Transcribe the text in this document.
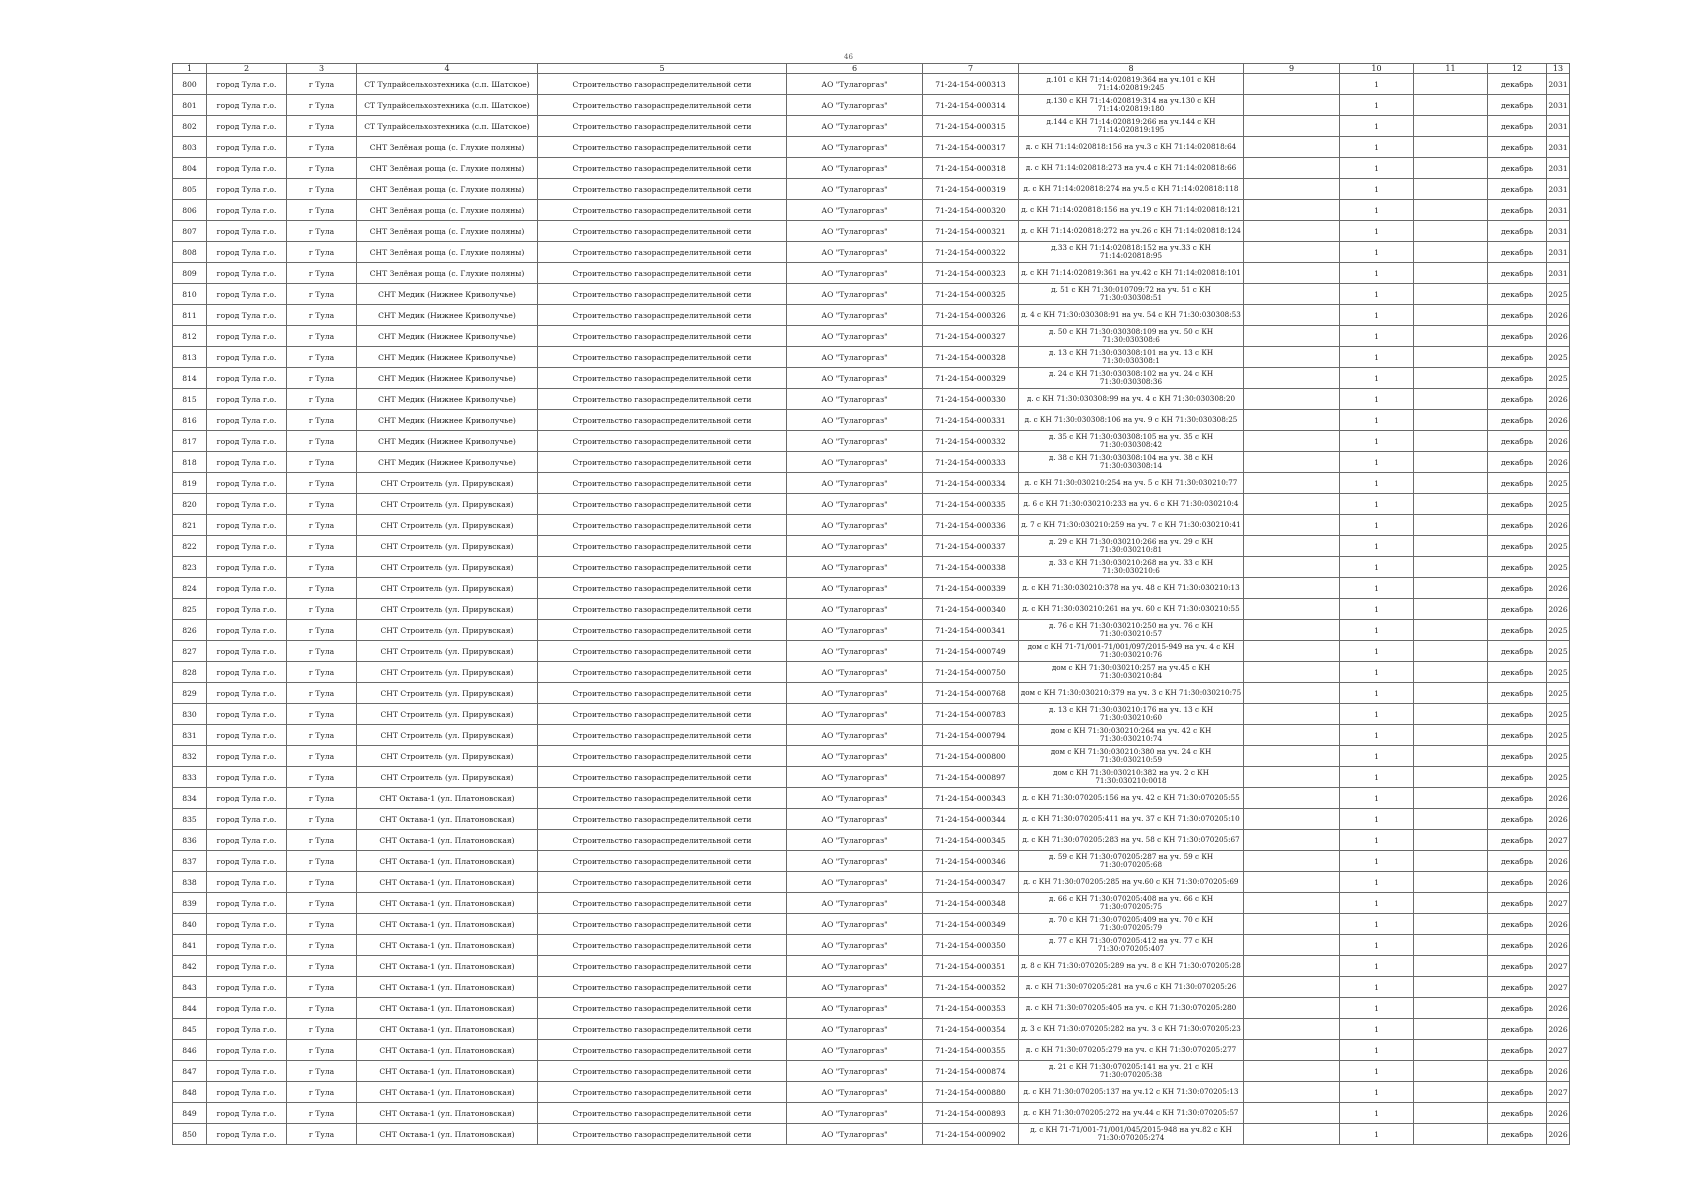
46
1	2	3	4	5	6	7	8	9	10	11	12	13
800	город Тула г.о.	г Тула	СТ Тулрайсельхозтехника (с.п. Шатское)	Строительство газораспределительной сети	АО "Тулагоргаз"	71-24-154-000313	д.101 с КН 71:14:020819:364 на уч.101 с КН 71:14:020819:245		1		декабрь	2031
801	город Тула г.о.	г Тула	СТ Тулрайсельхозтехника (с.п. Шатское)	Строительство газораспределительной сети	АО "Тулагоргаз"	71-24-154-000314	д.130 с КН 71:14:020819:314 на уч.130 с КН 71:14:020819:180		1		декабрь	2031
802	город Тула г.о.	г Тула	СТ Тулрайсельхозтехника (с.п. Шатское)	Строительство газораспределительной сети	АО "Тулагоргаз"	71-24-154-000315	д.144 с КН 71:14:020819:266 на уч.144 с КН 71:14:020819:195		1		декабрь	2031
803	город Тула г.о.	г Тула	СНТ Зелёная роща (с. Глухие поляны)	Строительство газораспределительной сети	АО "Тулагоргаз"	71-24-154-000317	д. с КН 71:14:020818:156 на уч.3 с КН 71:14:020818:64		1		декабрь	2031
804	город Тула г.о.	г Тула	СНТ Зелёная роща (с. Глухие поляны)	Строительство газораспределительной сети	АО "Тулагоргаз"	71-24-154-000318	д. с КН 71:14:020818:273 на уч.4 с КН 71:14:020818:66		1		декабрь	2031
805	город Тула г.о.	г Тула	СНТ Зелёная роща (с. Глухие поляны)	Строительство газораспределительной сети	АО "Тулагоргаз"	71-24-154-000319	д. с КН 71:14:020818:274 на уч.5 с КН 71:14:020818:118		1		декабрь	2031
806	город Тула г.о.	г Тула	СНТ Зелёная роща (с. Глухие поляны)	Строительство газораспределительной сети	АО "Тулагоргаз"	71-24-154-000320	д. с КН 71:14:020818:156 на уч.19 с КН 71:14:020818:121		1		декабрь	2031
807	город Тула г.о.	г Тула	СНТ Зелёная роща (с. Глухие поляны)	Строительство газораспределительной сети	АО "Тулагоргаз"	71-24-154-000321	д. с КН 71:14:020818:272 на уч.26 с КН 71:14:020818:124		1		декабрь	2031
808	город Тула г.о.	г Тула	СНТ Зелёная роща (с. Глухие поляны)	Строительство газораспределительной сети	АО "Тулагоргаз"	71-24-154-000322	д.33 с КН 71:14:020818:152 на уч.33 с КН 71:14:020818:95		1		декабрь	2031
809	город Тула г.о.	г Тула	СНТ Зелёная роща (с. Глухие поляны)	Строительство газораспределительной сети	АО "Тулагоргаз"	71-24-154-000323	д. с КН 71:14:020819:361 на уч.42 с КН 71:14:020818:101		1		декабрь	2031
810	город Тула г.о.	г Тула	СНТ Медик (Нижнее Криволучье)	Строительство газораспределительной сети	АО "Тулагоргаз"	71-24-154-000325	д. 51 с КН 71:30:010709:72 на уч. 51 с КН 71:30:030308:51		1		декабрь	2025
811	город Тула г.о.	г Тула	СНТ Медик (Нижнее Криволучье)	Строительство газораспределительной сети	АО "Тулагоргаз"	71-24-154-000326	д. 4 с КН 71:30:030308:91 на уч. 54 с КН 71:30:030308:53		1		декабрь	2026
812	город Тула г.о.	г Тула	СНТ Медик (Нижнее Криволучье)	Строительство газораспределительной сети	АО "Тулагоргаз"	71-24-154-000327	д. 50 с КН 71:30:030308:109 на уч. 50 с КН 71:30:030308:6		1		декабрь	2026
813	город Тула г.о.	г Тула	СНТ Медик (Нижнее Криволучье)	Строительство газораспределительной сети	АО "Тулагоргаз"	71-24-154-000328	д. 13 с КН 71:30:030308:101 на уч. 13 с КН 71:30:030308:1		1		декабрь	2025
814	город Тула г.о.	г Тула	СНТ Медик (Нижнее Криволучье)	Строительство газораспределительной сети	АО "Тулагоргаз"	71-24-154-000329	д. 24 с КН 71:30:030308:102 на уч. 24 с КН 71:30:030308:36		1		декабрь	2025
815	город Тула г.о.	г Тула	СНТ Медик (Нижнее Криволучье)	Строительство газораспределительной сети	АО "Тулагоргаз"	71-24-154-000330	д. с КН 71:30:030308:99 на уч. 4 с КН 71:30:030308:20		1		декабрь	2026
816	город Тула г.о.	г Тула	СНТ Медик (Нижнее Криволучье)	Строительство газораспределительной сети	АО "Тулагоргаз"	71-24-154-000331	д. с КН 71:30:030308:106 на уч. 9 с КН 71:30:030308:25		1		декабрь	2026
817	город Тула г.о.	г Тула	СНТ Медик (Нижнее Криволучье)	Строительство газораспределительной сети	АО "Тулагоргаз"	71-24-154-000332	д. 35 с КН 71:30:030308:105 на уч. 35 с КН 71:30:030308:42		1		декабрь	2026
818	город Тула г.о.	г Тула	СНТ Медик (Нижнее Криволучье)	Строительство газораспределительной сети	АО "Тулагоргаз"	71-24-154-000333	д. 38 с КН 71:30:030308:104 на уч. 38 с КН 71:30:030308:14		1		декабрь	2026
819	город Тула г.о.	г Тула	СНТ Строитель (ул. Прирувская)	Строительство газораспределительной сети	АО "Тулагоргаз"	71-24-154-000334	д. с КН 71:30:030210:254 на уч. 5 с КН 71:30:030210:77		1		декабрь	2025
820	город Тула г.о.	г Тула	СНТ Строитель (ул. Прирувская)	Строительство газораспределительной сети	АО "Тулагоргаз"	71-24-154-000335	д. 6 с КН 71:30:030210:233 на уч. 6 с КН 71:30:030210:4		1		декабрь	2025
821	город Тула г.о.	г Тула	СНТ Строитель (ул. Прирувская)	Строительство газораспределительной сети	АО "Тулагоргаз"	71-24-154-000336	д. 7 с КН 71:30:030210:259 на уч. 7 с КН 71:30:030210:41		1		декабрь	2026
822	город Тула г.о.	г Тула	СНТ Строитель (ул. Прирувская)	Строительство газораспределительной сети	АО "Тулагоргаз"	71-24-154-000337	д. 29 с КН 71:30:030210:266 на уч. 29 с КН 71:30:030210:81		1		декабрь	2025
823	город Тула г.о.	г Тула	СНТ Строитель (ул. Прирувская)	Строительство газораспределительной сети	АО "Тулагоргаз"	71-24-154-000338	д. 33 с КН 71:30:030210:268 на уч. 33 с КН 71:30:030210:6		1		декабрь	2025
824	город Тула г.о.	г Тула	СНТ Строитель (ул. Прирувская)	Строительство газораспределительной сети	АО "Тулагоргаз"	71-24-154-000339	д. с КН 71:30:030210:378 на уч. 48 с КН 71:30:030210:13		1		декабрь	2026
825	город Тула г.о.	г Тула	СНТ Строитель (ул. Прирувская)	Строительство газораспределительной сети	АО "Тулагоргаз"	71-24-154-000340	д. с КН 71:30:030210:261 на уч. 60 с КН 71:30:030210:55		1		декабрь	2026
826	город Тула г.о.	г Тула	СНТ Строитель (ул. Прирувская)	Строительство газораспределительной сети	АО "Тулагоргаз"	71-24-154-000341	д. 76 с КН 71:30:030210:250 на уч. 76 с КН 71:30:030210:57		1		декабрь	2025
827	город Тула г.о.	г Тула	СНТ Строитель (ул. Прирувская)	Строительство газораспределительной сети	АО "Тулагоргаз"	71-24-154-000749	дом с КН 71-71/001-71/001/097/2015-949 на уч. 4 с КН 71:30:030210:76		1		декабрь	2025
828	город Тула г.о.	г Тула	СНТ Строитель (ул. Прирувская)	Строительство газораспределительной сети	АО "Тулагоргаз"	71-24-154-000750	дом с КН 71:30:030210:257 на уч.45 с КН 71:30:030210:84		1		декабрь	2025
829	город Тула г.о.	г Тула	СНТ Строитель (ул. Прирувская)	Строительство газораспределительной сети	АО "Тулагоргаз"	71-24-154-000768	дом с КН 71:30:030210:379 на уч. 3 с КН 71:30:030210:75		1		декабрь	2025
830	город Тула г.о.	г Тула	СНТ Строитель (ул. Прирувская)	Строительство газораспределительной сети	АО "Тулагоргаз"	71-24-154-000783	д. 13 с КН 71:30:030210:176 на уч. 13 с КН 71:30:030210:60		1		декабрь	2025
831	город Тула г.о.	г Тула	СНТ Строитель (ул. Прирувская)	Строительство газораспределительной сети	АО "Тулагоргаз"	71-24-154-000794	дом с КН 71:30:030210:264 на уч. 42 с КН 71:30:030210:74		1		декабрь	2025
832	город Тула г.о.	г Тула	СНТ Строитель (ул. Прирувская)	Строительство газораспределительной сети	АО "Тулагоргаз"	71-24-154-000800	дом с КН 71:30:030210:380 на уч. 24 с КН 71:30:030210:59		1		декабрь	2025
833	город Тула г.о.	г Тула	СНТ Строитель (ул. Прирувская)	Строительство газораспределительной сети	АО "Тулагоргаз"	71-24-154-000897	дом с КН 71:30:030210:382 на уч. 2 с КН 71:30:030210:0018		1		декабрь	2025
834	город Тула г.о.	г Тула	СНТ Октава-1 (ул. Платоновская)	Строительство газораспределительной сети	АО "Тулагоргаз"	71-24-154-000343	д. с КН 71:30:070205:156 на уч. 42 с КН 71:30:070205:55		1		декабрь	2026
835	город Тула г.о.	г Тула	СНТ Октава-1 (ул. Платоновская)	Строительство газораспределительной сети	АО "Тулагоргаз"	71-24-154-000344	д. с КН 71:30:070205:411 на уч. 37 с КН 71:30:070205:10		1		декабрь	2026
836	город Тула г.о.	г Тула	СНТ Октава-1 (ул. Платоновская)	Строительство газораспределительной сети	АО "Тулагоргаз"	71-24-154-000345	д. с КН 71:30:070205:283 на уч. 58 с КН 71:30:070205:67		1		декабрь	2027
837	город Тула г.о.	г Тула	СНТ Октава-1 (ул. Платоновская)	Строительство газораспределительной сети	АО "Тулагоргаз"	71-24-154-000346	д. 59 с КН 71:30:070205:287 на уч. 59 с КН 71:30:070205:68		1		декабрь	2026
838	город Тула г.о.	г Тула	СНТ Октава-1 (ул. Платоновская)	Строительство газораспределительной сети	АО "Тулагоргаз"	71-24-154-000347	д. с КН 71:30:070205:285 на уч.60 с КН 71:30:070205:69		1		декабрь	2026
839	город Тула г.о.	г Тула	СНТ Октава-1 (ул. Платоновская)	Строительство газораспределительной сети	АО "Тулагоргаз"	71-24-154-000348	д. 66 с КН 71:30:070205:408 на уч. 66 с КН 71:30:070205:75		1		декабрь	2027
840	город Тула г.о.	г Тула	СНТ Октава-1 (ул. Платоновская)	Строительство газораспределительной сети	АО "Тулагоргаз"	71-24-154-000349	д. 70 с КН 71:30:070205:409 на уч. 70 с КН 71:30:070205:79		1		декабрь	2026
841	город Тула г.о.	г Тула	СНТ Октава-1 (ул. Платоновская)	Строительство газораспределительной сети	АО "Тулагоргаз"	71-24-154-000350	д. 77 с КН 71:30:070205:412 на уч. 77 с КН 71:30:070205:407		1		декабрь	2026
842	город Тула г.о.	г Тула	СНТ Октава-1 (ул. Платоновская)	Строительство газораспределительной сети	АО "Тулагоргаз"	71-24-154-000351	д. 8 с КН 71:30:070205:289 на уч. 8 с КН 71:30:070205:28		1		декабрь	2027
843	город Тула г.о.	г Тула	СНТ Октава-1 (ул. Платоновская)	Строительство газораспределительной сети	АО "Тулагоргаз"	71-24-154-000352	д. с КН 71:30:070205:281 на уч.6 с КН 71:30:070205:26		1		декабрь	2027
844	город Тула г.о.	г Тула	СНТ Октава-1 (ул. Платоновская)	Строительство газораспределительной сети	АО "Тулагоргаз"	71-24-154-000353	д. с КН 71:30:070205:405 на уч. с КН 71:30:070205:280		1		декабрь	2026
845	город Тула г.о.	г Тула	СНТ Октава-1 (ул. Платоновская)	Строительство газораспределительной сети	АО "Тулагоргаз"	71-24-154-000354	д. 3 с КН 71:30:070205:282 на уч. 3 с КН 71:30:070205:23		1		декабрь	2026
846	город Тула г.о.	г Тула	СНТ Октава-1 (ул. Платоновская)	Строительство газораспределительной сети	АО "Тулагоргаз"	71-24-154-000355	д. с КН 71:30:070205:279 на уч. с КН 71:30:070205:277		1		декабрь	2027
847	город Тула г.о.	г Тула	СНТ Октава-1 (ул. Платоновская)	Строительство газораспределительной сети	АО "Тулагоргаз"	71-24-154-000874	д. 21 с КН 71:30:070205:141 на уч. 21 с КН 71:30:070205:38		1		декабрь	2026
848	город Тула г.о.	г Тула	СНТ Октава-1 (ул. Платоновская)	Строительство газораспределительной сети	АО "Тулагоргаз"	71-24-154-000880	д. с КН 71:30:070205:137 на уч.12 с КН 71:30:070205:13		1		декабрь	2027
849	город Тула г.о.	г Тула	СНТ Октава-1 (ул. Платоновская)	Строительство газораспределительной сети	АО "Тулагоргаз"	71-24-154-000893	д. с КН 71:30:070205:272 на уч.44 с КН 71:30:070205:57		1		декабрь	2026
850	город Тула г.о.	г Тула	СНТ Октава-1 (ул. Платоновская)	Строительство газораспределительной сети	АО "Тулагоргаз"	71-24-154-000902	д. с КН 71-71/001-71/001/045/2015-948 на уч.82 с КН 71:30:070205:274		1		декабрь	2026
